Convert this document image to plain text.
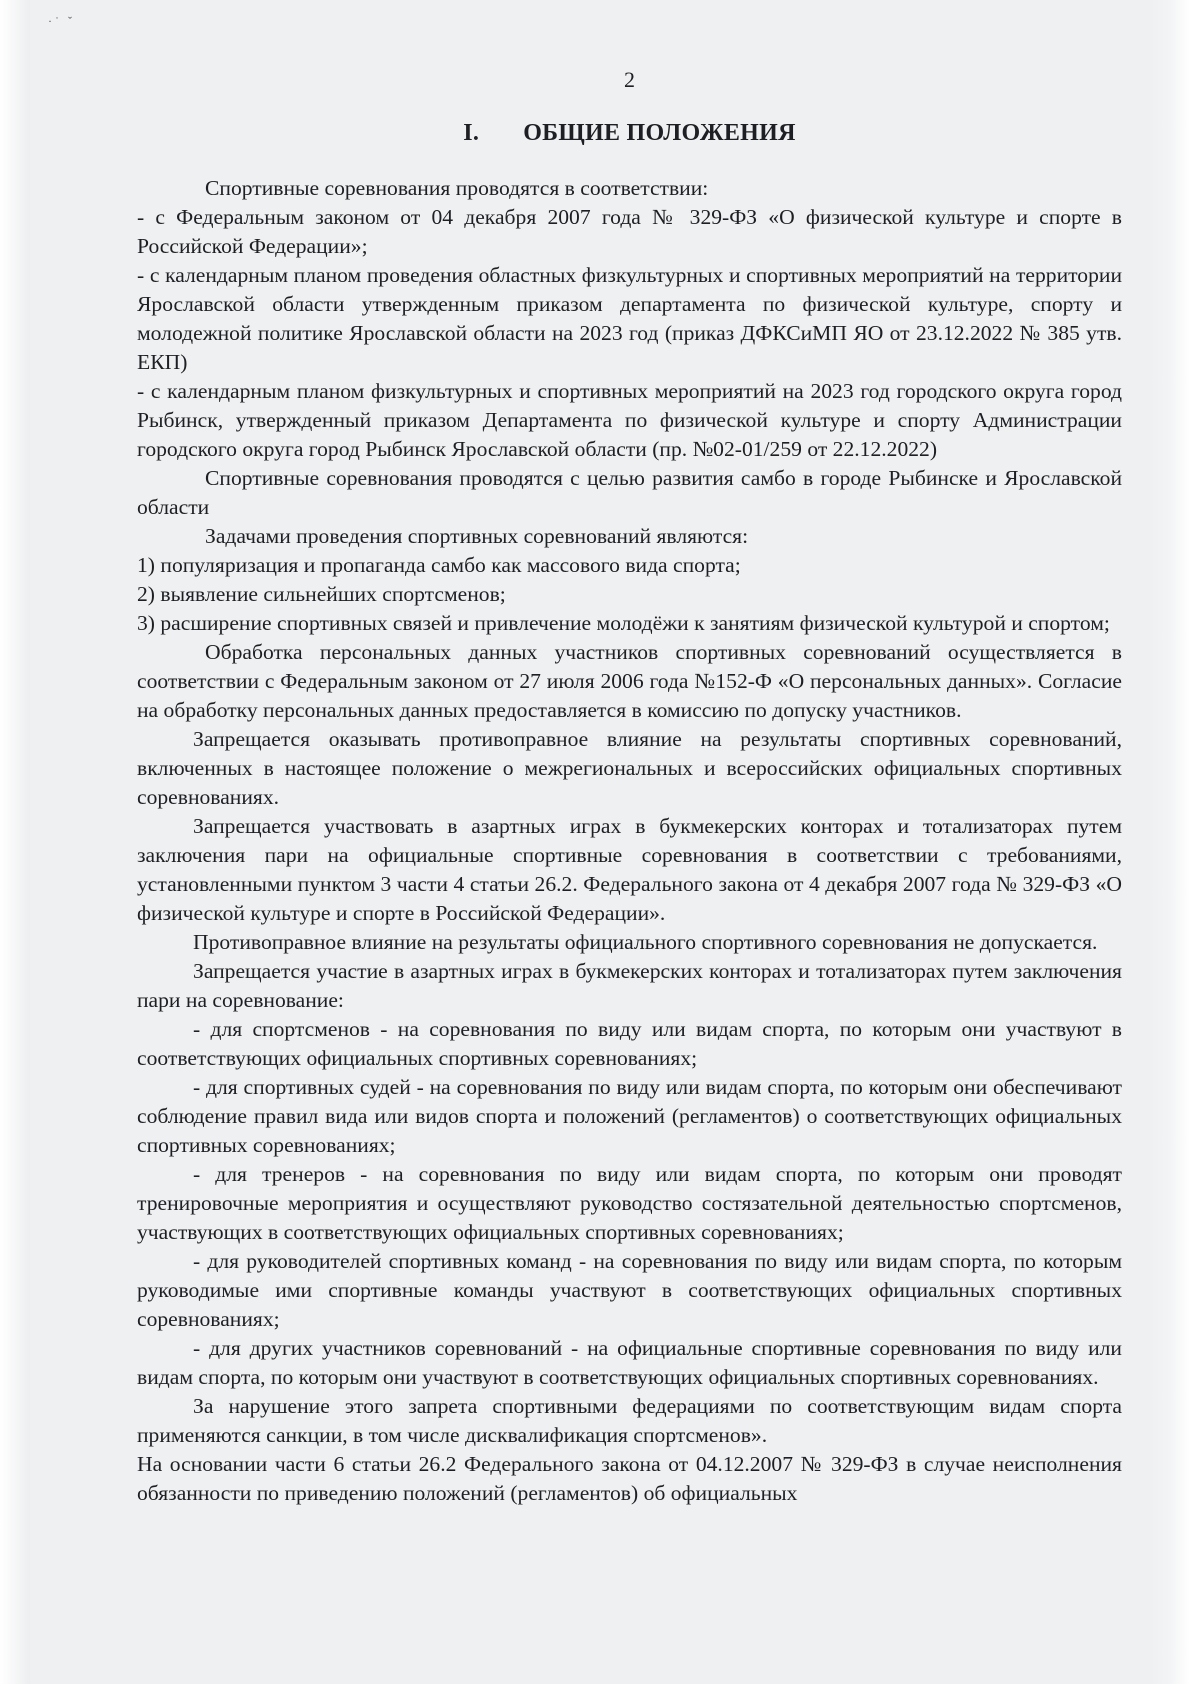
·˙ ˇ
2
I. ОБЩИЕ ПОЛОЖЕНИЯ

Спортивные соревнования проводятся в соответствии:

- с Федеральным законом от 04 декабря 2007 года № 329-ФЗ «О физической культуре и спорте в Российской Федерации»;

- с календарным планом проведения областных физкультурных и спортивных мероприятий на территории Ярославской области утвержденным приказом департамента по физической культуре, спорту и молодежной политике Ярославской области на 2023 год (приказ ДФКСиМП ЯО от 23.12.2022 № 385 утв. ЕКП)

- с календарным планом физкультурных и спортивных мероприятий на 2023 год городского округа город Рыбинск, утвержденный приказом Департамента по физической культуре и спорту Администрации городского округа город Рыбинск Ярославской области (пр. №02-01/259 от 22.12.2022)

Спортивные соревнования проводятся с целью развития самбо в городе Рыбинске и Ярославской области

Задачами проведения спортивных соревнований являются:

1) популяризация и пропаганда самбо как массового вида спорта;

2) выявление сильнейших спортсменов;

3) расширение спортивных связей и привлечение молодёжи к занятиям физической культурой и спортом;

Обработка персональных данных участников спортивных соревнований осуществляется в соответствии с Федеральным законом от 27 июля 2006 года №152-Ф «О персональных данных». Согласие на обработку персональных данных предоставляется в комиссию по допуску участников.

Запрещается оказывать противоправное влияние на результаты спортивных соревнований, включенных в настоящее положение о межрегиональных и всероссийских официальных спортивных соревнованиях.

Запрещается участвовать в азартных играх в букмекерских конторах и тотализаторах путем заключения пари на официальные спортивные соревнования в соответствии с требованиями, установленными пунктом 3 части 4 статьи 26.2. Федерального закона от 4 декабря 2007 года № 329-ФЗ «О физической культуре и спорте в Российской Федерации».

Противоправное влияние на результаты официального спортивного соревнования не допускается.

Запрещается участие в азартных играх в букмекерских конторах и тотализаторах путем заключения пари на соревнование:

- для спортсменов - на соревнования по виду или видам спорта, по которым они участвуют в соответствующих официальных спортивных соревнованиях;

- для спортивных судей - на соревнования по виду или видам спорта, по которым они обеспечивают соблюдение правил вида или видов спорта и положений (регламентов) о соответствующих официальных спортивных соревнованиях;

- для тренеров - на соревнования по виду или видам спорта, по которым они проводят тренировочные мероприятия и осуществляют руководство состязательной деятельностью спортсменов, участвующих в соответствующих официальных спортивных соревнованиях;

- для руководителей спортивных команд - на соревнования по виду или видам спорта, по которым руководимые ими спортивные команды участвуют в соответствующих официальных спортивных соревнованиях;

- для других участников соревнований - на официальные спортивные соревнования по виду или видам спорта, по которым они участвуют в соответствующих официальных спортивных соревнованиях.

За нарушение этого запрета спортивными федерациями по соответствующим видам спорта применяются санкции, в том числе дисквалификация спортсменов».

На основании части 6 статьи 26.2 Федерального закона от 04.12.2007 № 329-ФЗ в случае неисполнения обязанности по приведению положений (регламентов) об официальных
